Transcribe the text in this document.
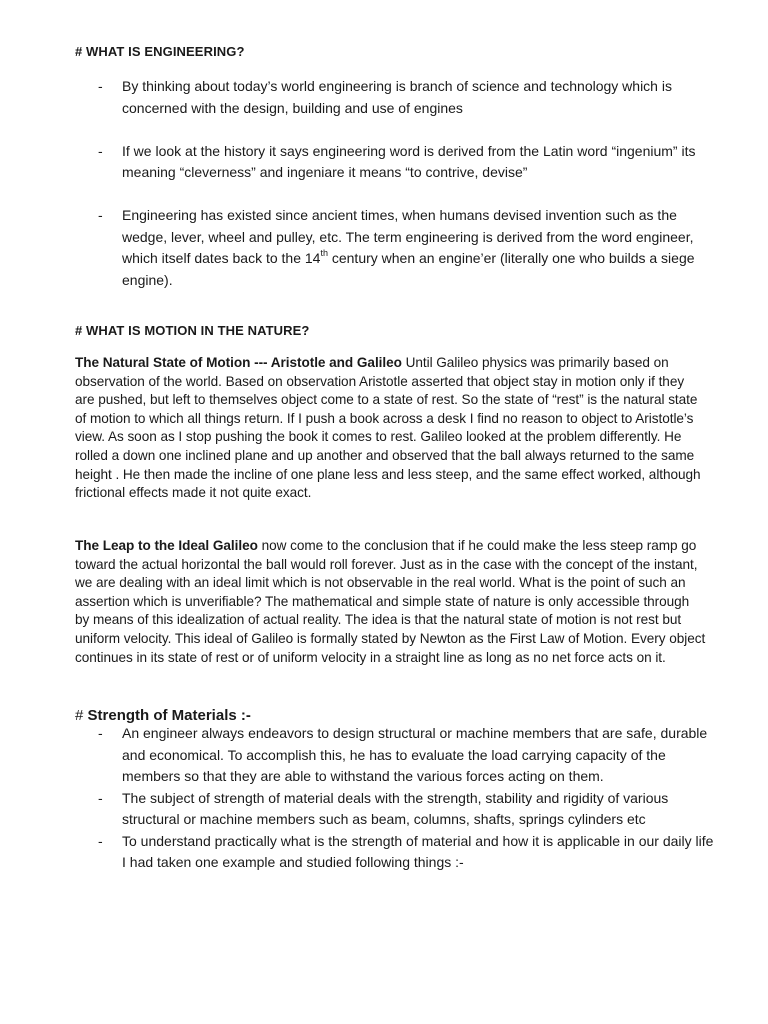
# WHAT IS ENGINEERING?
- By thinking about today’s world engineering is branch of science and technology which is concerned with the design, building and use of engines
- If we look at the history it says engineering word is derived from the Latin word “ingenium” its meaning “cleverness” and ingeniare it means “to contrive, devise”
- Engineering has existed since ancient times, when humans devised invention such as the wedge, lever, wheel and pulley, etc. The term engineering is derived from the word engineer, which itself dates back to the 14th century when an engine’er (literally one who builds a siege engine).
# WHAT IS MOTION IN THE NATURE?

The Natural State of Motion --- Aristotle and Galileo Until Galileo physics was primarily based on observation of the world. Based on observation Aristotle asserted that object stay in motion only if they are pushed, but left to themselves object come to a state of rest. So the state of “rest” is the natural state of motion to which all things return. If I push a book across a desk I find no reason to object to Aristotle’s view. As soon as I stop pushing the book it comes to rest. Galileo looked at the problem differently. He rolled a down one inclined plane and up another and observed that the ball always returned to the same height . He then made the incline of one plane less and less steep, and the same effect worked, although frictional effects made it not quite exact.

The Leap to the Ideal Galileo now come to the conclusion that if he could make the less steep ramp go toward the actual horizontal the ball would roll forever. Just as in the case with the concept of the instant, we are dealing with an ideal limit which is not observable in the real world. What is the point of such an assertion which is unverifiable? The mathematical and simple state of nature is only accessible through by means of this idealization of actual reality. The idea is that the natural state of motion is not rest but uniform velocity. This ideal of Galileo is formally stated by Newton as the First Law of Motion. Every object continues in its state of rest or of uniform velocity in a straight line as long as no net force acts on it.

# Strength of Materials :-
- An engineer always endeavors to design structural or machine members that are safe, durable and economical. To accomplish this, he has to evaluate the load carrying capacity of the members so that they are able to withstand the various forces acting on them.
- The subject of strength of material deals with the strength, stability and rigidity of various structural or machine members such as beam, columns, shafts, springs cylinders etc
- To understand practically what is the strength of material and how it is applicable in our daily life I had taken one example and studied following things :-
